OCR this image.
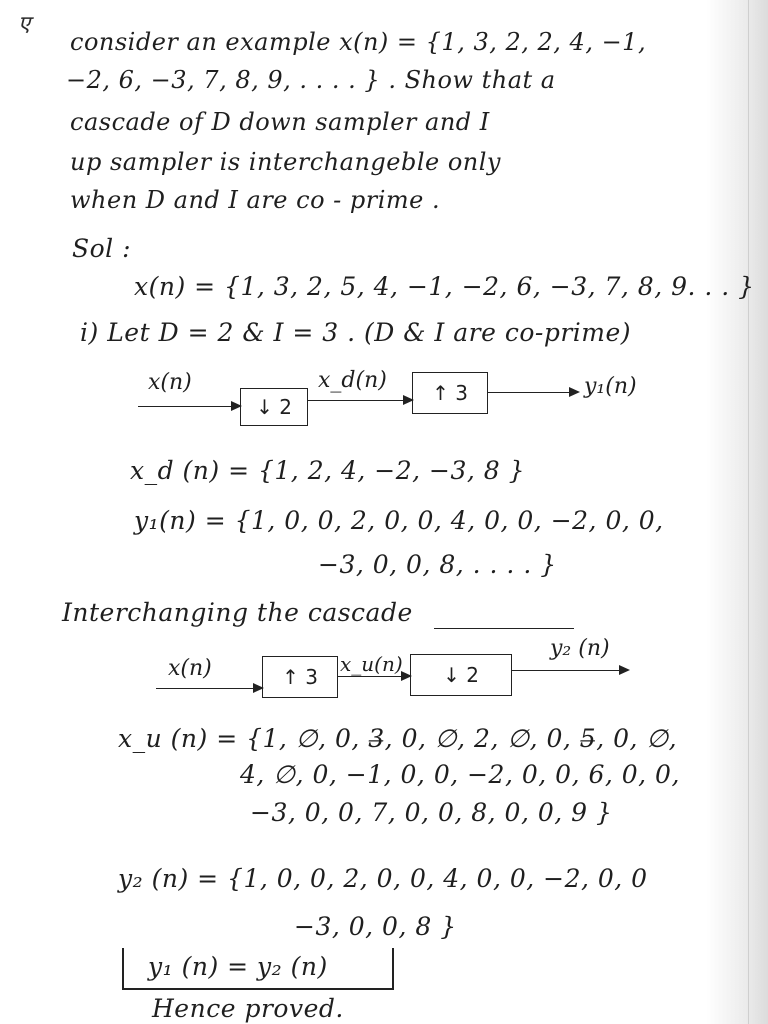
ए
consider an example x(n) = {1, 3, 2, 2, 4, −1,
−2, 6, −3, 7, 8, 9, . . . . } . Show that a
cascade of D down sampler and I
up sampler is interchangeble only
when D and I are co - prime .
Sol :
x(n) = {1, 3, 2, 5, 4, −1, −2, 6, −3, 7, 8, 9. . . }
i) Let D = 2 & I = 3 . (D & I are co-prime)
x(n)
↓ 2
x_d(n)	↑ 3	y₁(n)
x_d (n) = {1, 2, 4, −2, −3, 8 }
y₁(n) = {1, 0, 0, 2, 0, 0, 4, 0, 0, −2, 0, 0,
−3, 0, 0, 8, . . . . }
Interchanging the cascade
x(n)	↑ 3
x_u(n)	↓ 2
y₂ (n)
x_u (n) = {1, ∅, 0, 3̶, 0, ∅, 2, ∅, 0, 5̶, 0, ∅,
4, ∅, 0, −1, 0, 0, −2, 0, 0, 6, 0, 0,
−3, 0, 0, 7, 0, 0, 8, 0, 0, 9 }
y₂ (n) = {1, 0, 0, 2, 0, 0, 4, 0, 0, −2, 0, 0
−3, 0, 0, 8 }
y₁ (n) = y₂ (n)
Hence proved.
